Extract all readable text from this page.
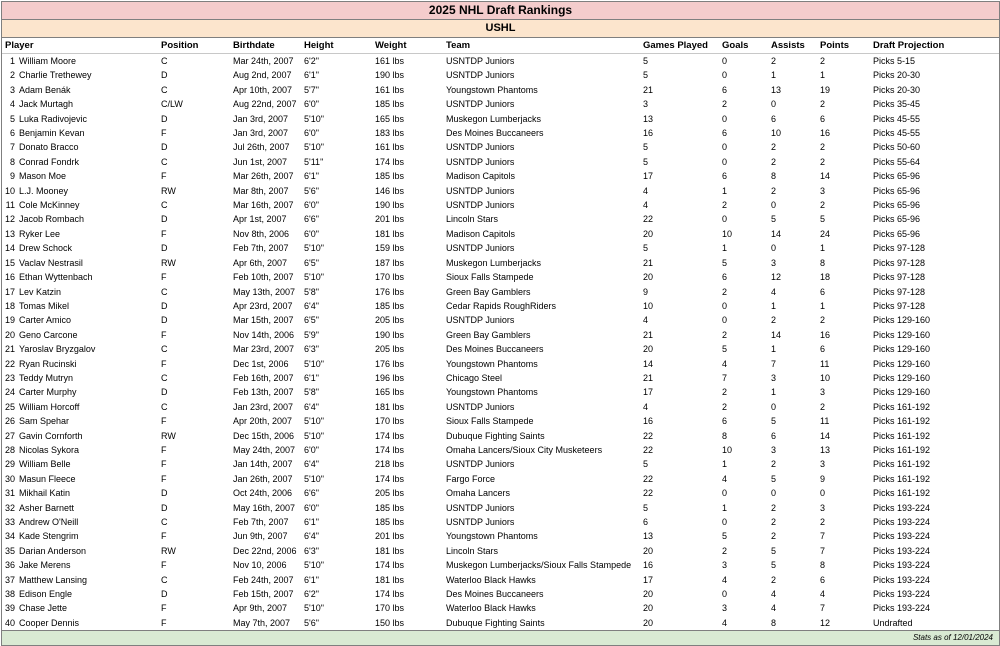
2025 NHL Draft Rankings
USHL
Player		Position	Birthdate	Height	Weight	Team	Games Played	Goals	Assists	Points	Draft Projection
1	William Moore	C	Mar 24th, 2007	6'2"	161 lbs	USNTDP Juniors	5	0	2	2	Picks 5-15
2	Charlie Trethewey	D	Aug 2nd, 2007	6'1"	190 lbs	USNTDP Juniors	5	0	1	1	Picks 20-30
3	Adam Benák	C	Apr 10th, 2007	5'7"	161 lbs	Youngstown Phantoms	21	6	13	19	Picks 20-30
4	Jack Murtagh	C/LW	Aug 22nd, 2007	6'0"	185 lbs	USNTDP Juniors	3	2	0	2	Picks 35-45
5	Luka Radivojevic	D	Jan 3rd, 2007	5'10"	165 lbs	Muskegon Lumberjacks	13	0	6	6	Picks 45-55
6	Benjamin Kevan	F	Jan 3rd, 2007	6'0"	183 lbs	Des Moines Buccaneers	16	6	10	16	Picks 45-55
7	Donato Bracco	D	Jul 26th, 2007	5'10"	161 lbs	USNTDP Juniors	5	0	2	2	Picks 50-60
8	Conrad Fondrk	C	Jun 1st, 2007	5'11"	174 lbs	USNTDP Juniors	5	0	2	2	Picks 55-64
9	Mason Moe	F	Mar 26th, 2007	6'1"	185 lbs	Madison Capitols	17	6	8	14	Picks 65-96
10	L.J. Mooney	RW	Mar 8th, 2007	5'6"	146 lbs	USNTDP Juniors	4	1	2	3	Picks 65-96
11	Cole McKinney	C	Mar 16th, 2007	6'0"	190 lbs	USNTDP Juniors	4	2	0	2	Picks 65-96
12	Jacob Rombach	D	Apr 1st, 2007	6'6"	201 lbs	Lincoln Stars	22	0	5	5	Picks 65-96
13	Ryker Lee	F	Nov 8th, 2006	6'0"	181 lbs	Madison Capitols	20	10	14	24	Picks 65-96
14	Drew Schock	D	Feb 7th, 2007	5'10"	159 lbs	USNTDP Juniors	5	1	0	1	Picks 97-128
15	Vaclav Nestrasil	RW	Apr 6th, 2007	6'5"	187 lbs	Muskegon Lumberjacks	21	5	3	8	Picks 97-128
16	Ethan Wyttenbach	F	Feb 10th, 2007	5'10"	170 lbs	Sioux Falls Stampede	20	6	12	18	Picks 97-128
17	Lev Katzin	C	May 13th, 2007	5'8"	176 lbs	Green Bay Gamblers	9	2	4	6	Picks 97-128
18	Tomas Mikel	D	Apr 23rd, 2007	6'4"	185 lbs	Cedar Rapids RoughRiders	10	0	1	1	Picks 97-128
19	Carter Amico	D	Mar 15th, 2007	6'5"	205 lbs	USNTDP Juniors	4	0	2	2	Picks 129-160
20	Geno Carcone	F	Nov 14th, 2006	5'9"	190 lbs	Green Bay Gamblers	21	2	14	16	Picks 129-160
21	Yaroslav Bryzgalov	C	Mar 23rd, 2007	6'3"	205 lbs	Des Moines Buccaneers	20	5	1	6	Picks 129-160
22	Ryan Rucinski	F	Dec 1st, 2006	5'10"	176 lbs	Youngstown Phantoms	14	4	7	11	Picks 129-160
23	Teddy Mutryn	C	Feb 16th, 2007	6'1"	196 lbs	Chicago Steel	21	7	3	10	Picks 129-160
24	Carter Murphy	D	Feb 13th, 2007	5'8"	165 lbs	Youngstown Phantoms	17	2	1	3	Picks 129-160
25	William Horcoff	C	Jan 23rd, 2007	6'4"	181 lbs	USNTDP Juniors	4	2	0	2	Picks 161-192
26	Sam Spehar	F	Apr 20th, 2007	5'10"	170 lbs	Sioux Falls Stampede	16	6	5	11	Picks 161-192
27	Gavin Cornforth	RW	Dec 15th, 2006	5'10"	174 lbs	Dubuque Fighting Saints	22	8	6	14	Picks 161-192
28	Nicolas Sykora	F	May 24th, 2007	6'0"	174 lbs	Omaha Lancers/Sioux City Musketeers	22	10	3	13	Picks 161-192
29	William Belle	F	Jan 14th, 2007	6'4"	218 lbs	USNTDP Juniors	5	1	2	3	Picks 161-192
30	Masun Fleece	F	Jan 26th, 2007	5'10"	174 lbs	Fargo Force	22	4	5	9	Picks 161-192
31	Mikhail Katin	D	Oct 24th, 2006	6'6"	205 lbs	Omaha Lancers	22	0	0	0	Picks 161-192
32	Asher Barnett	D	May 16th, 2007	6'0"	185 lbs	USNTDP Juniors	5	1	2	3	Picks 193-224
33	Andrew O'Neill	C	Feb 7th, 2007	6'1"	185 lbs	USNTDP Juniors	6	0	2	2	Picks 193-224
34	Kade Stengrim	F	Jun 9th, 2007	6'4"	201 lbs	Youngstown Phantoms	13	5	2	7	Picks 193-224
35	Darian Anderson	RW	Dec 22nd, 2006	6'3"	181 lbs	Lincoln Stars	20	2	5	7	Picks 193-224
36	Jake Merens	F	Nov 10, 2006	5'10"	174 lbs	Muskegon Lumberjacks/Sioux Falls Stampede	16	3	5	8	Picks 193-224
37	Matthew Lansing	C	Feb 24th, 2007	6'1"	181 lbs	Waterloo Black Hawks	17	4	2	6	Picks 193-224
38	Edison Engle	D	Feb 15th, 2007	6'2"	174 lbs	Des Moines Buccaneers	20	0	4	4	Picks 193-224
39	Chase Jette	F	Apr 9th, 2007	5'10"	170 lbs	Waterloo Black Hawks	20	3	4	7	Picks 193-224
40	Cooper Dennis	F	May 7th, 2007	5'6"	150 lbs	Dubuque Fighting Saints	20	4	8	12	Undrafted
Stats as of 12/01/2024
